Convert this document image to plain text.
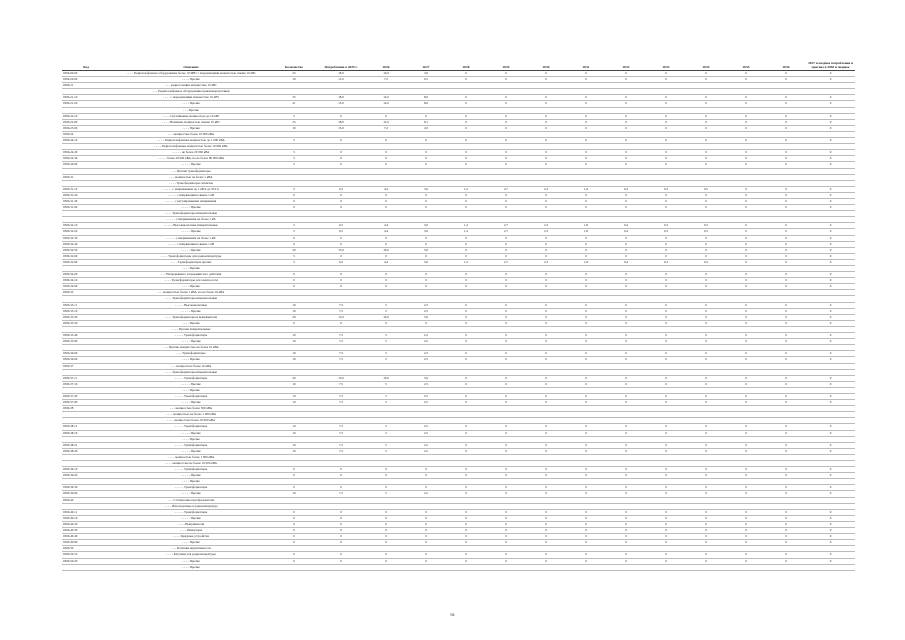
Код	Описание	Количество	Потребление в 2025 г.	2026	2027	2028	2029	2030	2031	2032	2033	2034	2035	2036	2037 и позднее потребление и прогноз в 2038 и позднее
0306.00.00	- - - - Радиотелефонное оборудование более 10 МВт с передающими мощностью свыше 10 кВт	25	18,0	10,0	3,0	0	0	0	0	0	0	0	0	0	0
0306.20.00	- - - - Прочие	19	11,0	7,2	0,5	0	0	0	0	0	0	0	0	0	0
0306.21	- - - радиостанции мощностью 10 кВт														
	- - - Радиотелефонное оборудование приемопередатчики														
0306.21.10	- - - - с передающими мощностью 10 кВт	25	18,0	12,0	8,0	0	0	0	0	0	0	0	0	0	0
0306.21.20	- - - - Прочие	21	15,0	12,0	8,0	0	0	0	0	0	0	0	0	0	0
	- - - Прочие														
0306.22.10	- - - - Спутниковые мощностью до 10 кВт	5	0	0	0	0	0	0	0	0	0	0	0	0	0
0306.22.90	- - - - Наземные мощностью свыше 10 кВт	25	18,0	12,0	8,1	0	0	0	0	0	0	0	0	0	0
0306.23.00	- - - - Прочие	19	15,0	7,2	2,0	0	0	0	0	0	0	0	0	0	0
0306.24	- - - мощностью более 10 000 кВА														
0306.24.10	- - - - Радиотелефонные мощностью до 1 000 кВА	5	0	0	0	0	0	0	0	0	0	0	0	0	0
	- - - - Радиотелефонные мощностью более 10 000 кВА														
0306.24.20	- - - - - не более 20 000 кВА	5	0	0	0	0	0	0	0	0	0	0	0	0	0
0306.24.30	- - - - - более 20 000 кВА, но не более 80 000 кВА	5	0	0	0	0	0	0	0	0	0	0	0	0	0
0306.24.90	- - - - - Прочие	5	0	0	0	0	0	0	0	0	0	0	0	0	0
	- - - Прочие трансформаторы														
0306.31	- - - мощностью не более 1 кВА														
	- - - - Трансформаторы сигналов														
0306.31.10	- - - - - с напряжением до 1 кВ и до 50 Гц	5	6,5	4,4	3,0	1,2	2,7	2,3	1,8	0,4	0,3	0,5	0	0	0
0306.31.20	- - - - - с напряжением свыше 1 кВ	0	0	0	0	0	0	0	0	0	0	0	0	0	0
0306.31.30	- - - - - с регулированием напряжения	0	0	0	0	0	0	0	0	0	0	0	0	0	0
0306.31.90	- - - - - Прочие	0	0	0	0	0	0	0	0	0	0	0	0	0	0
	- - - - Трансформаторы измерительные														
	- - - - - с напряжением не более 1 кВ														
0306.32.10	- - - - - Высоковольтные измерительные	5	6,5	4,4	3,0	1,2	2,7	2,3	1,8	0,4	0,3	0,5	0	0	0
0306.32.20	- - - - - Прочие	5	6,5	4,4	3,0	1,2	2,7	2,3	1,8	0,4	0,3	0,5	0	0	0
0306.32.30	- - - - - с напряжением не более 1 кВ	0	0	0	0	0	0	0	0	0	0	0	0	0	0
0306.32.40	- - - - - с напряжением свыше 1 кВ	0	0	0	0	0	0	0	0	0	0	0	0	0	0
0306.32.50	- - - - - Прочие	20	15,0	10,0	5,0	0	0	0	0	0	0	0	0	0	0
0306.32.60	- - - - Трансформаторы для радиоаппаратуры	5	0	0	0	0	0	0	0	0	0	0	0	0	0
0306.32.90	- - - - Трансформаторы прочие	5	6,5	4,4	3,0	1,2	2,7	2,3	1,8	0,4	0,3	0,5	0	0	0
	- - - - Прочие														
0306.34.00	- - - Непрерывного и прерывистого действия	0	0	0	0	0	0	0	0	0	0	0	0	0	0
0306.34.10	- - - - Трансформаторы для электросети	0	0	0	0	0	0	0	0	0	0	0	0	0	0
0306.34.90	- - - - Прочие	0	0	0	0	0	0	0	0	0	0	0	0	0	0
0306.35	- - - мощностью более 1 кВА, но не более 16 кВА														
	- - - - Трансформаторы измерительные														
0306.35.11	- - - - - Высоковольтные	10	7,5	5	2,5	0	0	0	0	0	0	0	0	0	0
0306.35.19	- - - - - Прочие	10	7,5	5	2,5	0	0	0	0	0	0	0	0	0	0
0306.35.20	- - - - Трансформаторы и выпрямители	20	15,0	10,0	5,0	0	0	0	0	0	0	0	0	0	0
0306.35.30	- - - - Прочие	0	0	0	0	0	0	0	0	0	0	0	0	0	0
	- - - - Прочие измерительные														
0306.35.40	- - - - - Трансформаторы	10	7,5	5	2,5	0	0	0	0	0	0	0	0	0	0
0306.35.90	- - - - - Прочие	10	7,5	5	2,5	0	0	0	0	0	0	0	0	0	0
	- - - Прочие мощностью не более 16 кВА														
0306.36.00	- - - Трансформаторы	10	7,5	5	2,5	0	0	0	0	0	0	0	0	0	0
0306.36.90	- - - - Прочие	10	7,5	5	2,5	0	0	0	0	0	0	0	0	0	0
0306.37	- - - мощностью более 16 кВА														
	- - - - Трансформаторы измерительные														
0306.37.11	- - - - - Трансформаторы	20	15,0	10,0	5,0	0	0	0	0	0	0	0	0	0	0
0306.37.19	- - - - - Прочие	10	7,5	5	2,5	0	0	0	0	0	0	0	0	0	0
	- - - - Прочие														
0306.37.20	- - - - - Трансформаторы	10	7,5	5	2,5	0	0	0	0	0	0	0	0	0	0
0306.37.90	- - - - - Прочие	10	7,5	5	2,5	0	0	0	0	0	0	0	0	0	0
0306.38	- - - мощностью более 500 кВА														
	- - - - мощностью не более 1 000 кВА														
	- - - - мощностью более 10 000 кВА														
0306.38.11	- - - - - Трансформаторы	10	7,5	5	2,5	0	0	0	0	0	0	0	0	0	0
0306.38.19	- - - - - Прочие	10	7,5	5	2,5	0	0	0	0	0	0	0	0	0	0
	- - - - Прочие														
0306.38.21	- - - - - Трансформаторы	10	7,5	5	2,5	0	0	0	0	0	0	0	0	0	0
0306.38.29	- - - - - Прочие	10	7,5	5	2,5	0	0	0	0	0	0	0	0	0	0
	- - - - мощностью более 1 000 кВА														
	- - - - мощностью не более 10 000 кВА														
0306.39.10	- - - - - Трансформаторы	0	0	0	0	0	0	0	0	0	0	0	0	0	0
0306.39.20	- - - - - Прочие	0	0	0	0	0	0	0	0	0	0	0	0	0	0
	- - - - Прочие														
0306.39.30	- - - - - Трансформаторы	0	0	0	0	0	0	0	0	0	0	0	0	0	0
0306.39.90	- - - - - Прочие	10	7,5	5	2,5	0	0	0	0	0	0	0	0	0	0
0306.40	- - - Статические преобразователи														
	- - - - Используемые в радиоаппаратуре														
0306.40.11	- - - - - Трансформаторы	0	0	0	0	0	0	0	0	0	0	0	0	0	0
0306.40.19	- - - - - Прочие	0	0	0	0	0	0	0	0	0	0	0	0	0	0
0306.40.20	- - - - Выпрямители	0	0	0	0	0	0	0	0	0	0	0	0	0	0
0306.40.30	- - - - Инверторы	0	0	0	0	0	0	0	0	0	0	0	0	0	0
0306.40.40	- - - - Зарядные устройства	0	0	0	0	0	0	0	0	0	0	0	0	0	0
0306.40.90	- - - - Прочие	0	0	0	0	0	0	0	0	0	0	0	0	0	0
0306.50	- - - Катушки индуктивности														
0306.50.10	- - - - Катушки для радиоаппаратуры	0	0	0	0	0	0	0	0	0	0	0	0	0	0
0306.50.20	- - - - Прочие	0	0	0	0	0	0	0	0	0	0	0	0	0	0
	- - - - Прочие														
64
